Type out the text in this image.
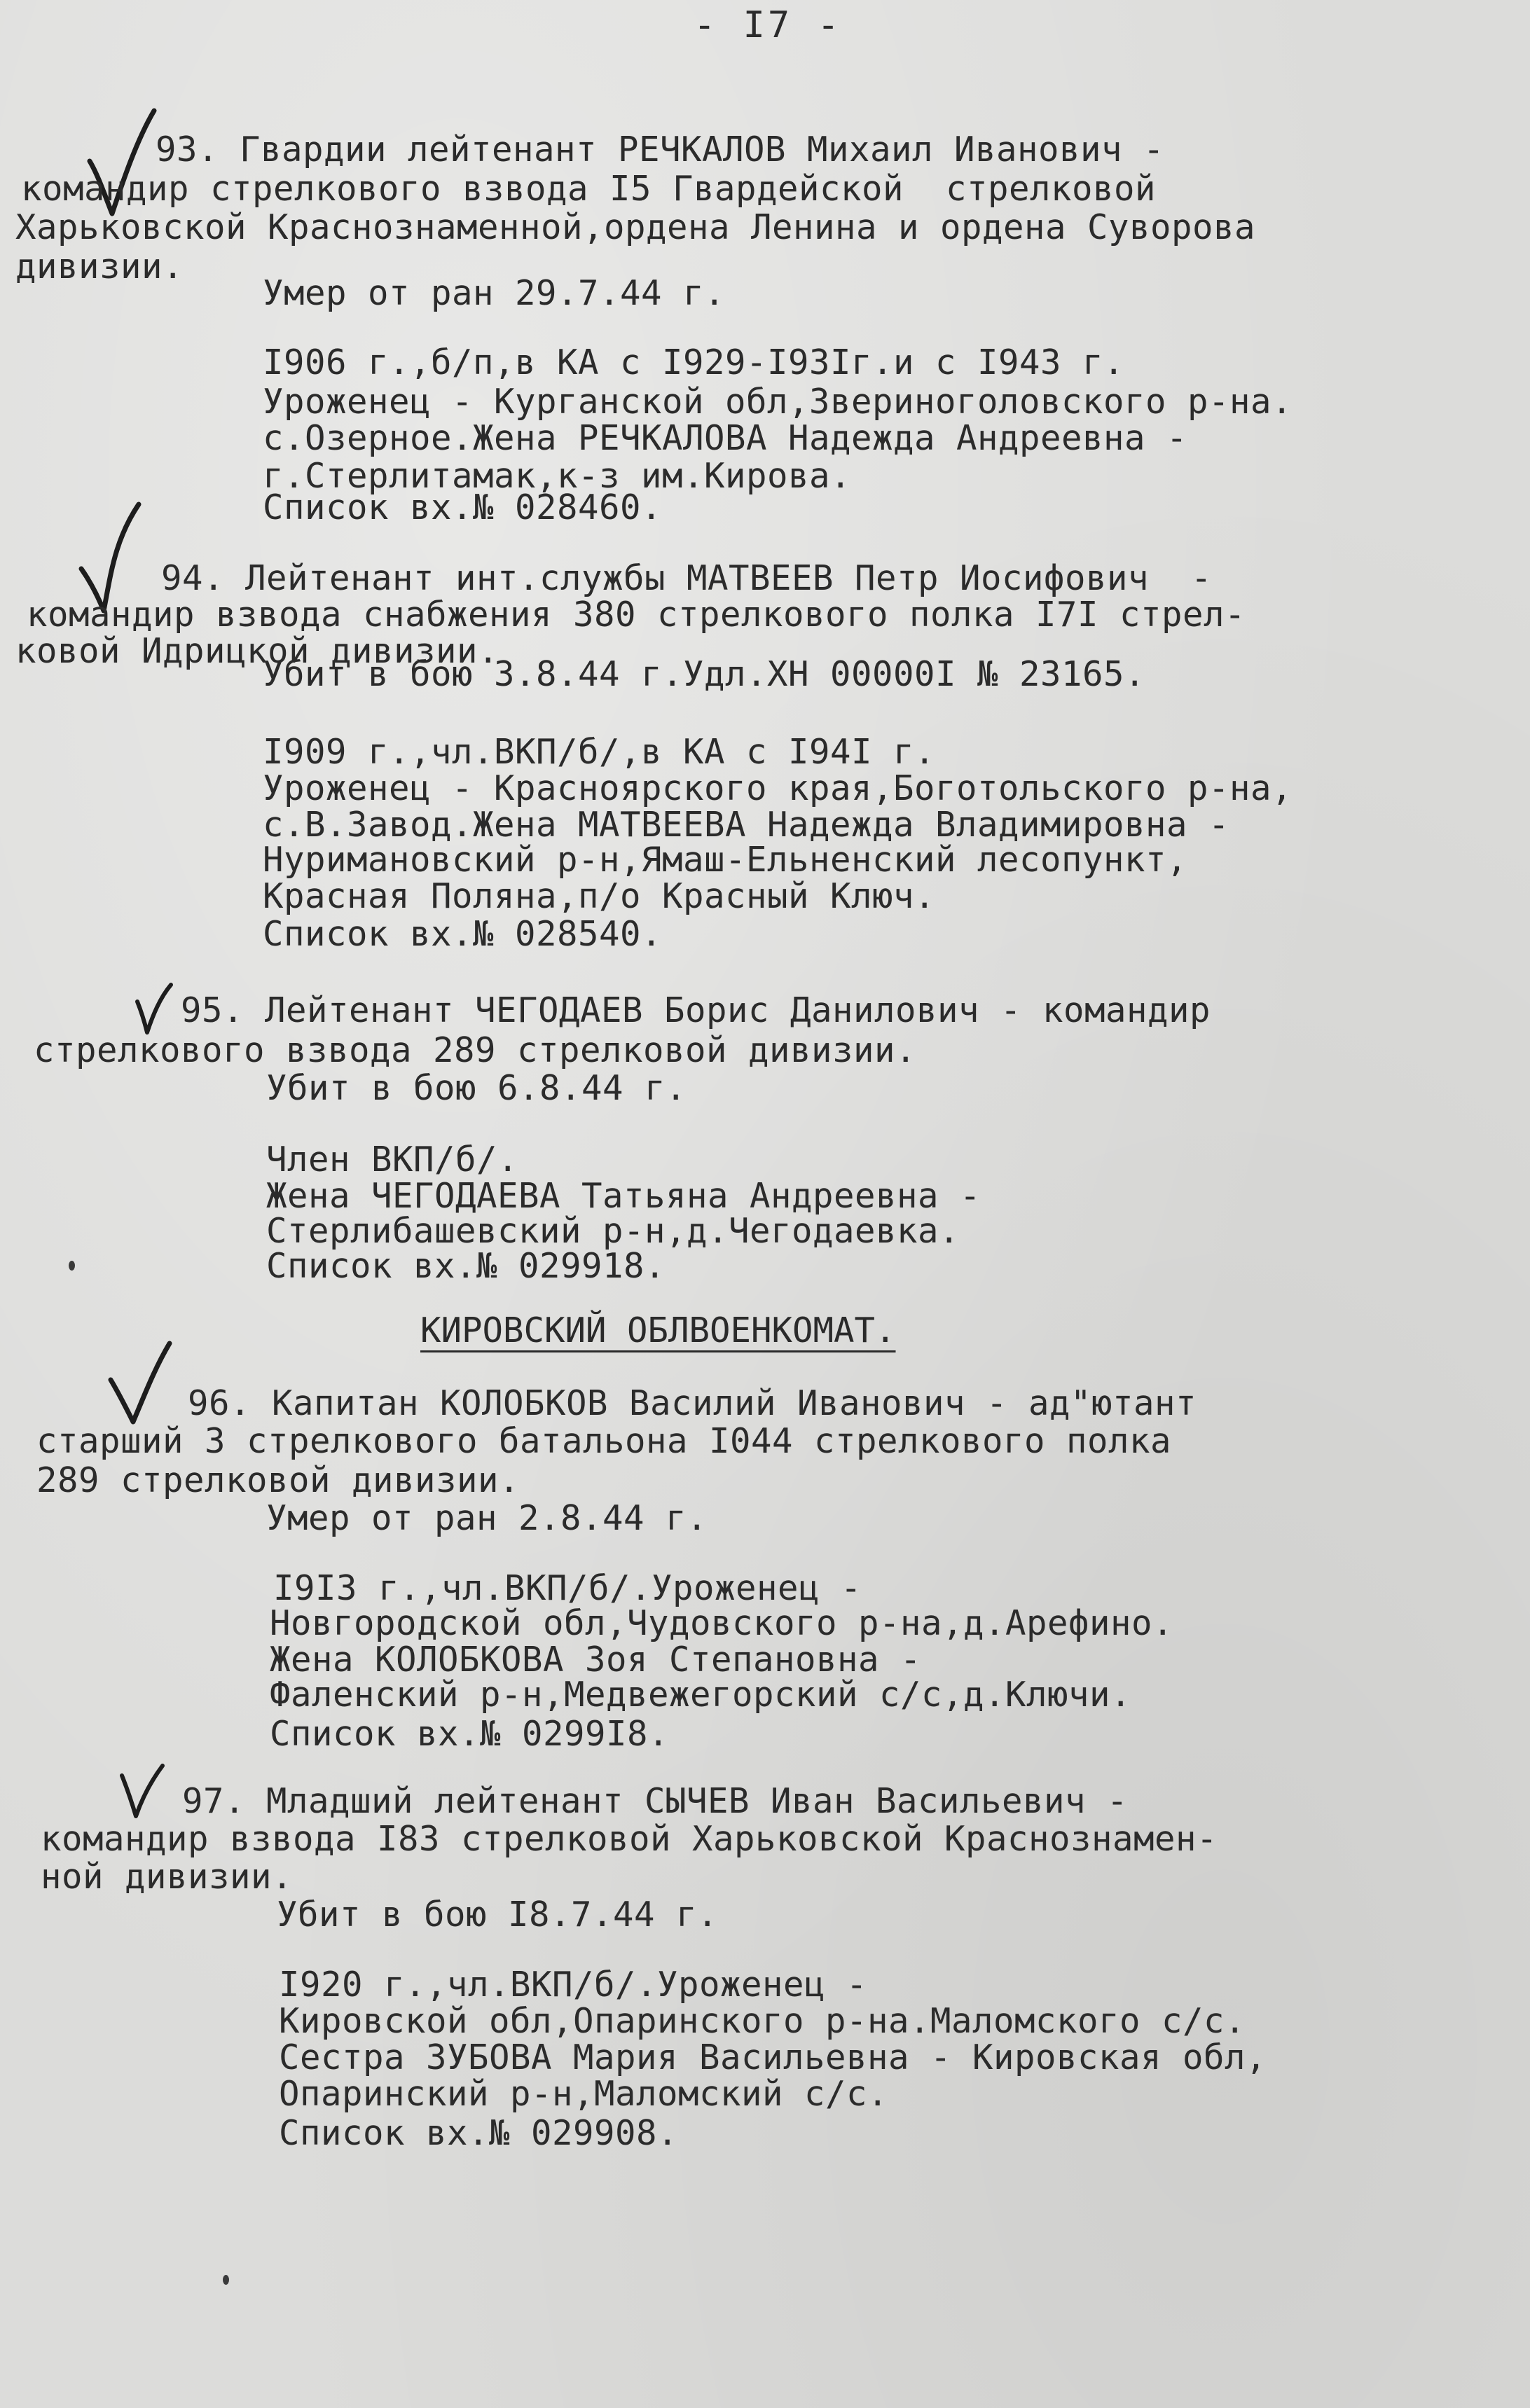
- I7 -
93. Гвардии лейтенант РЕЧКАЛОВ Михаил Иванович -
командир стрелкового взвода I5 Гвардейской  стрелковой
Харьковской Краснознаменной,ордена Ленина и ордена Суворова
дивизии.
Умер от ран 29.7.44 г.
I906 г.,б/п,в КА с I929-I93Iг.и с I943 г.
Уроженец - Курганской обл,Звериноголовского р-на.
с.Озерное.Жена РЕЧКАЛОВА Надежда Андреевна -
г.Стерлитамак,к-з им.Кирова.
Список вх.№ 028460.
94. Лейтенант инт.службы МАТВЕЕВ Петр Иосифович  -
командир взвода снабжения 380 стрелкового полка I7I стрел-
ковой Идрицкой дивизии.
Убит в бою 3.8.44 г.Удл.ХН 00000I № 23165.
I909 г.,чл.ВКП/б/,в КА с I94I г.
Уроженец - Красноярского края,Боготольского р-на,
с.В.Завод.Жена МАТВЕЕВА Надежда Владимировна -
Нуримановский р-н,Ямаш-Ельненский лесопункт,
Красная Поляна,п/о Красный Ключ.
Список вх.№ 028540.
95. Лейтенант ЧЕГОДАЕВ Борис Данилович - командир
стрелкового взвода 289 стрелковой дивизии.
Убит в бою 6.8.44 г.
Член ВКП/б/.
Жена ЧЕГОДАЕВА Татьяна Андреевна -
Стерлибашевский р-н,д.Чегодаевка.
Список вх.№ 029918.
КИРОВСКИЙ ОБЛВОЕНКОМАТ.
96. Капитан КОЛОБКОВ Василий Иванович - ад"ютант
старший 3 стрелкового батальона I044 стрелкового полка
289 стрелковой дивизии.
Умер от ран 2.8.44 г.
I9I3 г.,чл.ВКП/б/.Уроженец -
Новгородской обл,Чудовского р-на,д.Арефино.
Жена КОЛОБКОВА Зоя Степановна -
Фаленский р-н,Медвежегорский с/с,д.Ключи.
Список вх.№ 0299I8.
97. Младший лейтенант СЫЧЕВ Иван Васильевич -
командир взвода I83 стрелковой Харьковской Краснознамен-
ной дивизии.
Убит в бою I8.7.44 г.
I920 г.,чл.ВКП/б/.Уроженец -
Кировской обл,Опаринского р-на.Маломского с/с.
Сестра ЗУБОВА Мария Васильевна - Кировская обл,
Опаринский р-н,Маломский с/с.
Список вх.№ 029908.
